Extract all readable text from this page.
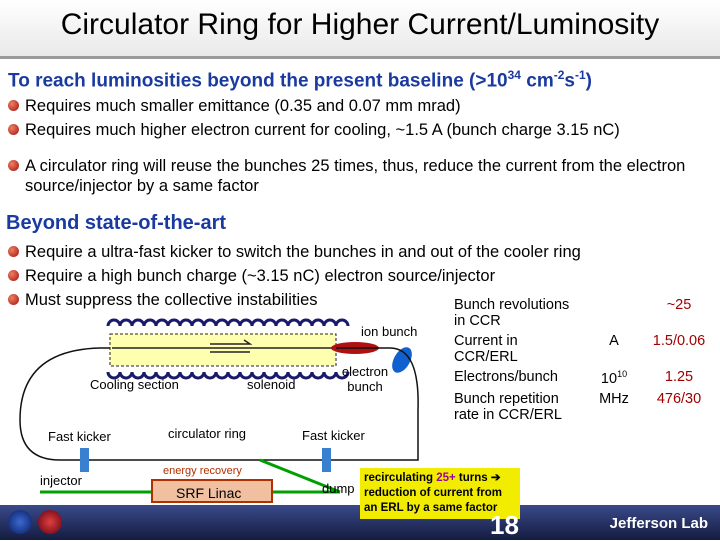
Circulator Ring for Higher Current/Luminosity
To reach luminosities beyond the present baseline ($>10^{34}$ $cm^{-2}s^{-1}$)
Requires much smaller emittance (0.35 and 0.07 mm mrad)
Requires much higher electron current for cooling, ~1.5 A (bunch charge 3.15 nC)
A circulator ring will reuse the bunches 25 times, thus, reduce the current from the electron source/injector by a same factor
Beyond state-of-the-art
Require a ultra-fast kicker to switch the bunches in and out of the cooler ring
Require a high bunch charge (~3.15 nC) electron source/injector
Must suppress the collective instabilities
ion bunch
Cooling section	solenoid
electron bunch
Fast kicker	circulator ring	Fast kicker
injector
energy recovery
SRF Linac	dump
Bunch revolutions in CCR		~25
Current in CCR/ERL	A	1.5/0.06
Electrons/bunch	$10^{10}$	1.25
Bunch repetition rate in CCR/ERL	MHz	476/30
recirculating 25+ turns ➔
reduction of current from
an ERL by a same factor
18	Jefferson Lab
